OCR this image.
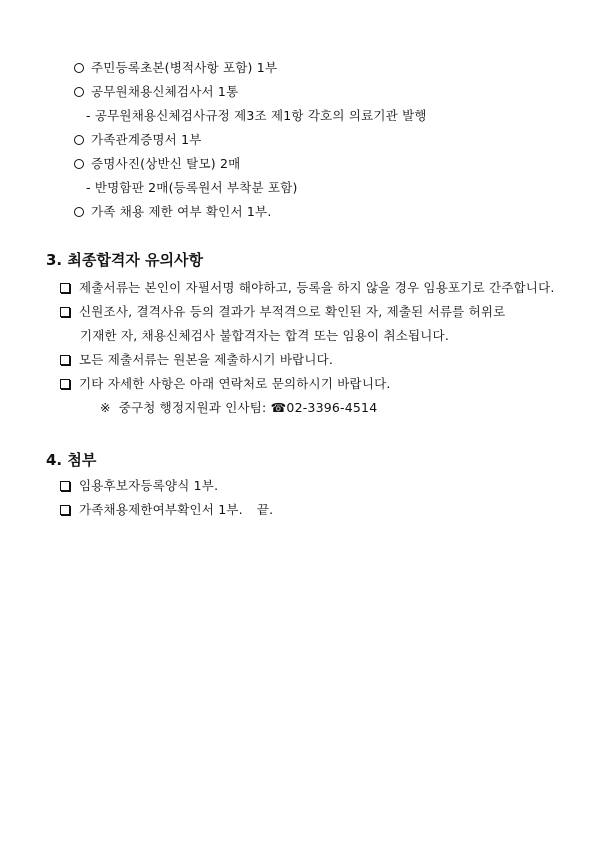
주민등록초본(병적사항 포함) 1부
공무원채용신체검사서 1통
- 공무원채용신체검사규정 제3조 제1항 각호의 의료기관 발행
가족관계증명서 1부
증명사진(상반신 탈모) 2매
- 반명함판 2매(등록원서 부착분 포함)
가족 채용 제한 여부 확인서 1부.
3. 최종합격자 유의사항
제출서류는 본인이 자필서명 해야하고, 등록을 하지 않을 경우 임용포기로 간주합니다.
신원조사, 결격사유 등의 결과가 부적격으로 확인된 자, 제출된 서류를 허위로
기재한 자, 채용신체검사 불합격자는 합격 또는 임용이 취소됩니다.
모든 제출서류는 원본을 제출하시기 바랍니다.
기타 자세한 사항은 아래 연락처로 문의하시기 바랍니다.
※ 중구청 행정지원과 인사팀: ☎02-3396-4514
4. 첨부
임용후보자등록양식 1부.
가족채용제한여부확인서 1부. 끝.
